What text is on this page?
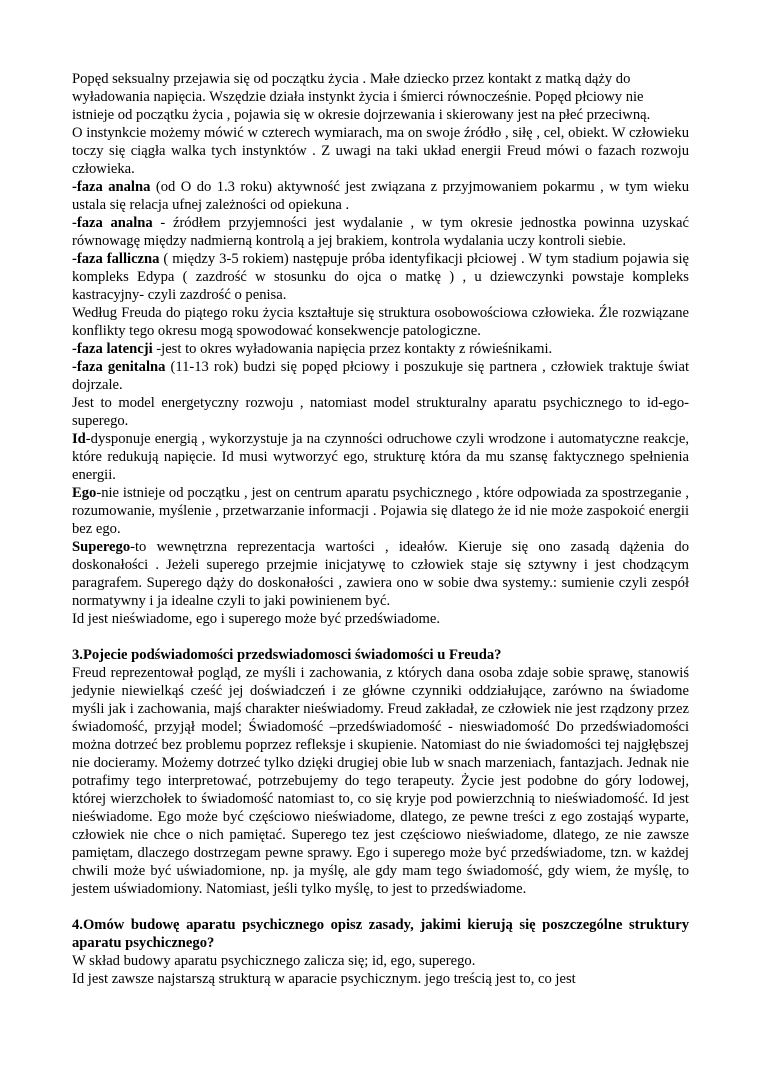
Popęd seksualny przejawia się od początku życia . Małe dziecko przez kontakt z matką dąży do wyładowania napięcia. Wszędzie działa instynkt życia i śmierci równocześnie. Popęd płciowy nie istnieje od początku życia , pojawia się w okresie dojrzewania i skierowany jest na płeć przeciwną.

O instynkcie możemy mówić w czterech wymiarach, ma on swoje źródło , siłę , cel, obiekt. W człowieku toczy się ciągła walka tych instynktów . Z uwagi na taki układ energii Freud mówi o fazach rozwoju człowieka.

-faza analna (od O do 1.3 roku) aktywność jest związana z przyjmowaniem pokarmu , w tym wieku ustala się relacja ufnej zależności od opiekuna .

-faza analna - źródłem przyjemności jest wydalanie , w tym okresie jednostka powinna uzyskać równowagę między nadmierną kontrolą a jej brakiem, kontrola wydalania uczy kontroli siebie.

-faza falliczna ( między 3-5 rokiem) następuje próba identyfikacji płciowej . W tym stadium pojawia się kompleks Edypa ( zazdrość w stosunku do ojca o matkę ) , u dziewczynki powstaje kompleks kastracyjny- czyli zazdrość o penisa.

Według Freuda do piątego roku życia kształtuje się struktura osobowościowa człowieka. Źle rozwiązane konflikty tego okresu mogą spowodować konsekwencje patologiczne.

-faza latencji -jest to okres wyładowania napięcia przez kontakty z rówieśnikami.

-faza genitalna (11-13 rok) budzi się popęd płciowy i poszukuje się partnera , człowiek traktuje świat dojrzale.

Jest to model energetyczny rozwoju , natomiast model strukturalny aparatu psychicznego to id-ego- superego.

Id-dysponuje energią , wykorzystuje ja na czynności odruchowe czyli wrodzone i automatyczne reakcje, które redukują napięcie. Id musi wytworzyć ego, strukturę która da mu szansę faktycznego spełnienia energii.

Ego-nie istnieje od początku , jest on centrum aparatu psychicznego , które odpowiada za spostrzeganie , rozumowanie, myślenie , przetwarzanie informacji . Pojawia się dlatego że id nie może zaspokoić energii bez ego.

Superego-to wewnętrzna reprezentacja wartości , ideałów. Kieruje się ono zasadą dążenia do doskonałości . Jeżeli superego przejmie inicjatywę to człowiek staje się sztywny i jest chodzącym paragrafem. Superego dąży do doskonałości , zawiera ono w sobie dwa systemy.: sumienie czyli zespół normatywny i ja idealne czyli to jaki powinienem być.

Id jest nieświadome, ego i superego może być przedświadome.

3.Pojecie podświadomości przedswiadomosci świadomości u Freuda?

Freud reprezentował pogląd, ze myśli i zachowania, z których dana osoba zdaje sobie sprawę, stanowiś jedynie niewielkąś cześć jej doświadczeń i ze główne czynniki oddziałujące, zarówno na świadome myśli jak i zachowania, majś charakter nieświadomy. Freud zakładał, ze człowiek nie jest rządzony przez świadomość, przyjął model; Świadomość –przedświadomość - nieswiadomość Do przedświadomości można dotrzeć bez problemu poprzez refleksje i skupienie. Natomiast do nie świadomości tej najgłębszej nie docieramy. Możemy dotrzeć tylko dzięki drugiej obie lub w snach marzeniach, fantazjach. Jednak nie potrafimy tego interpretować, potrzebujemy do tego terapeuty. Życie jest podobne do góry lodowej, której wierzchołek to świadomość natomiast to, co się kryje pod powierzchnią to nieświadomość. Id jest nieświadome. Ego może być częściowo nieświadome, dlatego, ze pewne treści z ego zostająś wyparte, człowiek nie chce o nich pamiętać. Superego tez jest częściowo nieświadome, dlatego, ze nie zawsze pamiętam, dlaczego dostrzegam pewne sprawy. Ego i superego może być przedświadome, tzn. w każdej chwili może być uświadomione, np. ja myślę, ale gdy mam tego świadomość, gdy wiem, że myślę, to jestem uświadomiony. Natomiast, jeśli tylko myślę, to jest to przedświadome.

4.Omów budowę aparatu psychicznego opisz zasady, jakimi kierują się poszczególne struktury aparatu psychicznego?

W skład budowy aparatu psychicznego zalicza się; id, ego, superego.

Id jest zawsze najstarszą strukturą w aparacie psychicznym. jego treścią jest to, co jest
